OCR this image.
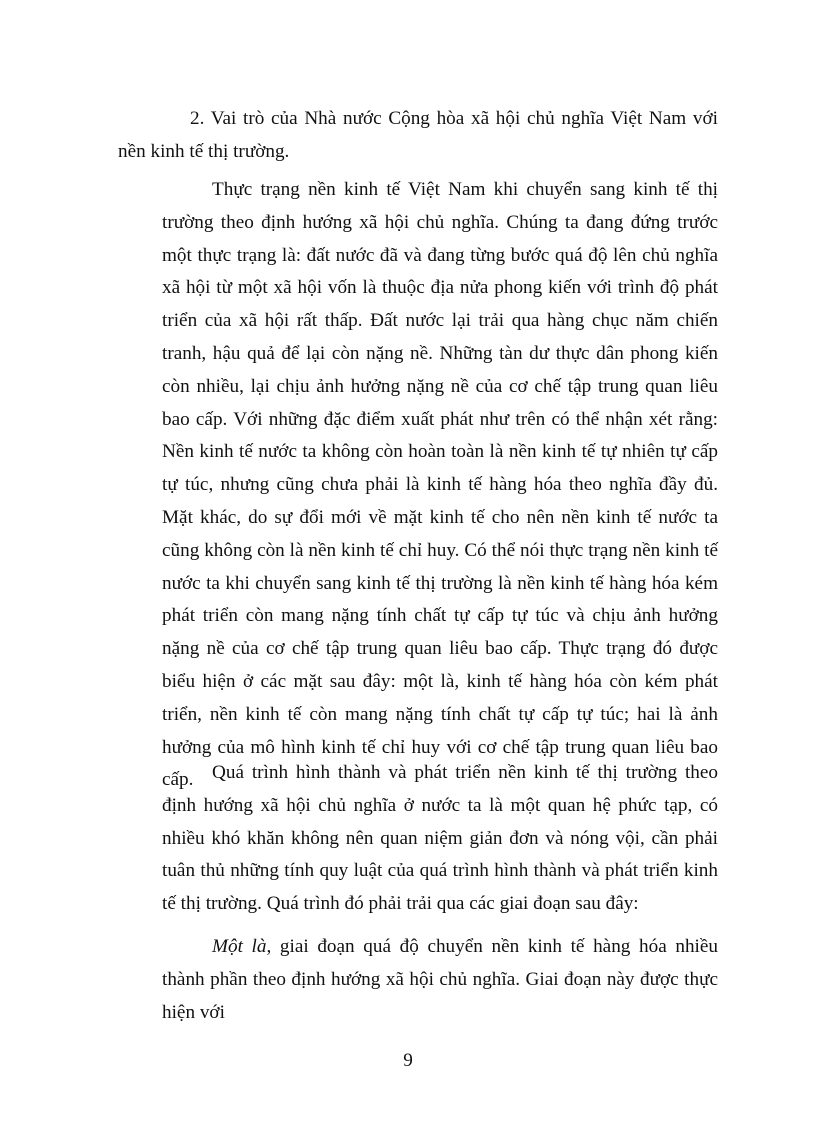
2. Vai trò của Nhà nước Cộng hòa xã hội chủ nghĩa Việt Nam với nền kinh tế thị trường.

Thực trạng nền kinh tế Việt Nam khi chuyển sang kinh tế thị trường theo định hướng xã hội chủ nghĩa. Chúng ta đang đứng trước một thực trạng là: đất nước đã và đang từng bước quá độ lên chủ nghĩa xã hội từ một xã hội vốn là thuộc địa nửa phong kiến với trình độ phát triển của xã hội rất thấp. Đất nước lại trải qua hàng chục năm chiến tranh, hậu quả để lại còn nặng nề. Những tàn dư thực dân phong kiến còn nhiều, lại chịu ảnh hưởng nặng nề của cơ chế tập trung quan liêu bao cấp. Với những đặc điểm xuất phát như trên có thể nhận xét rằng: Nền kinh tế nước ta không còn hoàn toàn là nền kinh tế tự nhiên tự cấp tự túc, nhưng cũng chưa phải là kinh tế hàng hóa theo nghĩa đầy đủ. Mặt khác, do sự đổi mới về mặt kinh tế cho nên nền kinh tế nước ta cũng không còn là nền kinh tế chỉ huy. Có thể nói thực trạng nền kinh tế nước ta khi chuyển sang kinh tế thị trường là nền kinh tế hàng hóa kém phát triển còn mang nặng tính chất tự cấp tự túc và chịu ảnh hưởng nặng nề của cơ chế tập trung quan liêu bao cấp. Thực trạng đó được biểu hiện ở các mặt sau đây: một là, kinh tế hàng hóa còn kém phát triển, nền kinh tế còn mang nặng tính chất tự cấp tự túc; hai là ảnh hưởng của mô hình kinh tế chỉ huy với cơ chế tập trung quan liêu bao cấp. Quá trình hình thành và phát triển nền kinh tế thị trường theo định hướng xã hội chủ nghĩa ở nước ta là một quan hệ phức tạp, có nhiều khó khăn không nên quan niệm giản đơn và nóng vội, cần phải tuân thủ những tính quy luật của quá trình hình thành và phát triển kinh tế thị trường. Quá trình đó phải trải qua các giai đoạn sau đây:

Một là, giai đoạn quá độ chuyển nền kinh tế hàng hóa nhiều thành phần theo định hướng xã hội chủ nghĩa. Giai đoạn này được thực hiện với

9
